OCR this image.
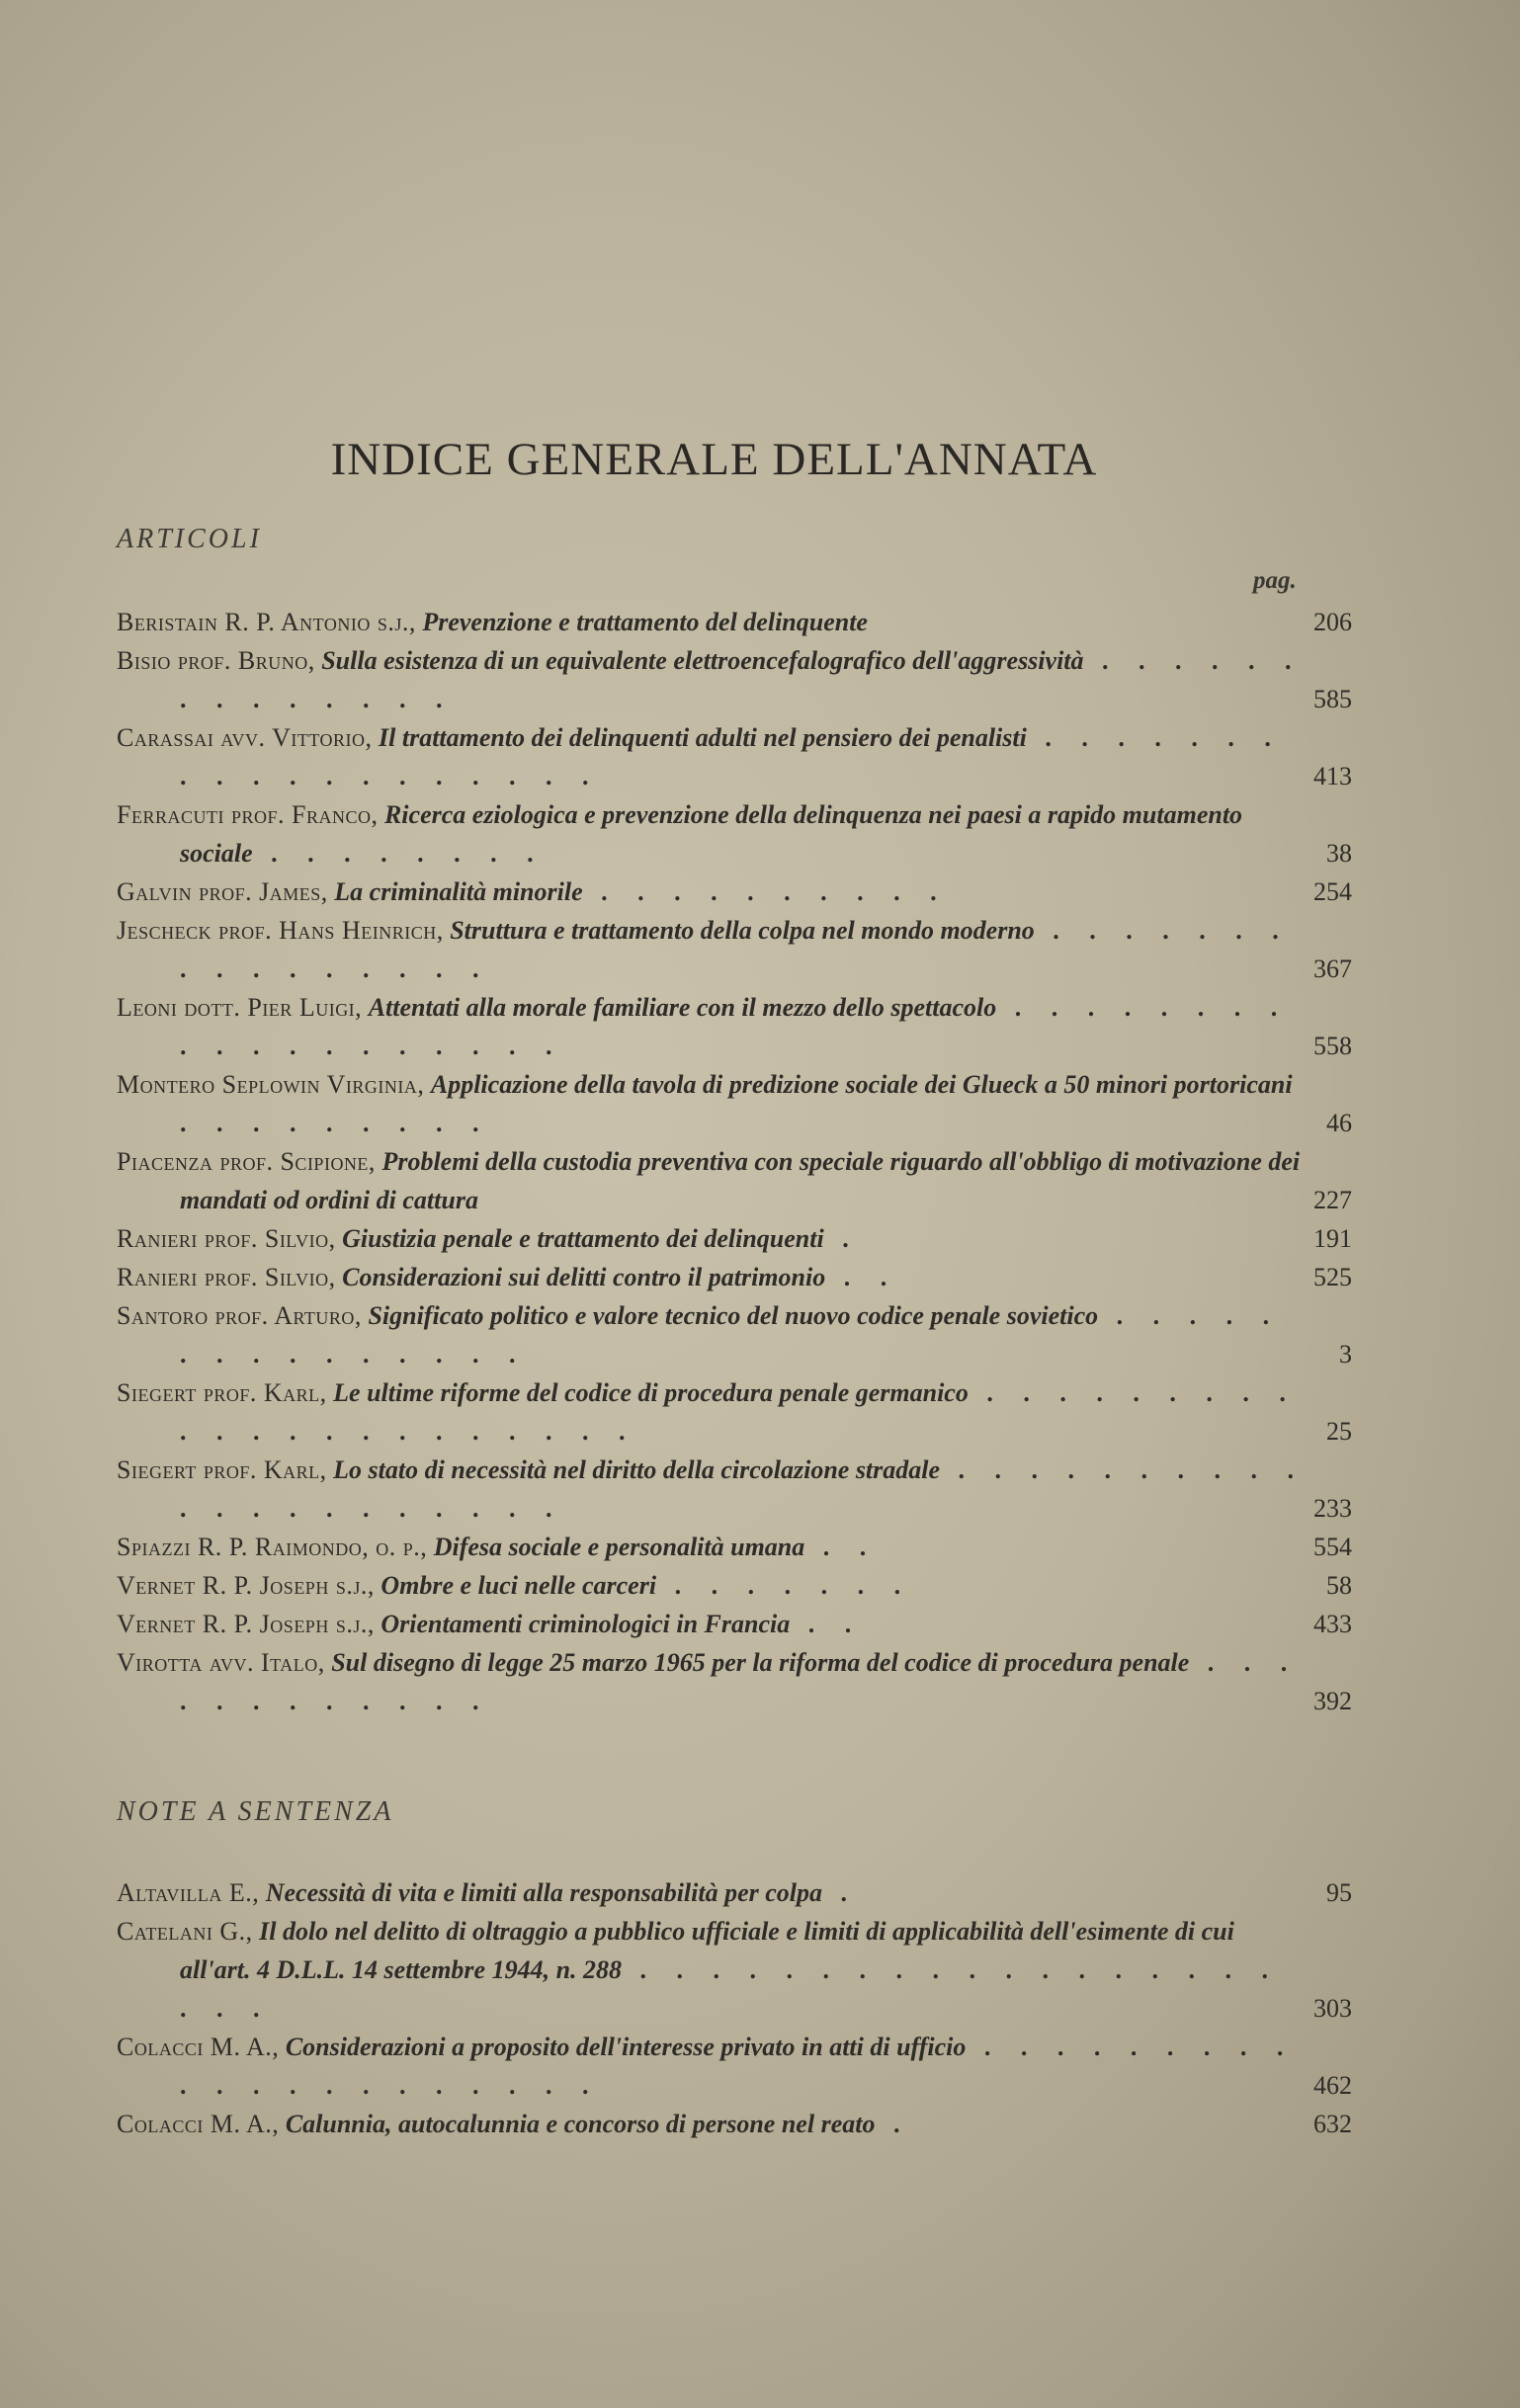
INDICE GENERALE DELL'ANNATA
ARTICOLI
pag.
Beristain R. P. Antonio s.j., Prevenzione e trattamento del delinquente	206
Bisio prof. Bruno, Sulla esistenza di un equivalente elettroencefalografico dell'aggressività . . . . . . . . . . . . . .	585
Carassai avv. Vittorio, Il trattamento dei delinquenti adulti nel pensiero dei penalisti . . . . . . . . . . . . . . . . . . .	413
Ferracuti prof. Franco, Ricerca eziologica e prevenzione della delinquenza nei paesi a rapido mutamento sociale . . . . . . . .	38
Galvin prof. James, La criminalità minorile . . . . . . . . . .	254
Jescheck prof. Hans Heinrich, Struttura e trattamento della colpa nel mondo moderno . . . . . . . . . . . . . . . .	367
Leoni dott. Pier Luigi, Attentati alla morale familiare con il mezzo dello spettacolo . . . . . . . . . . . . . . . . . . .	558
Montero Seplowin Virginia, Applicazione della tavola di predizione sociale dei Glueck a 50 minori portoricani . . . . . . . . .	46
Piacenza prof. Scipione, Problemi della custodia preventiva con speciale riguardo all'obbligo di motivazione dei mandati od ordini di cattura	227
Ranieri prof. Silvio, Giustizia penale e trattamento dei delinquenti .	191
Ranieri prof. Silvio, Considerazioni sui delitti contro il patrimonio . .	525
Santoro prof. Arturo, Significato politico e valore tecnico del nuovo codice penale sovietico . . . . . . . . . . . . . . .	3
Siegert prof. Karl, Le ultime riforme del codice di procedura penale germanico . . . . . . . . . . . . . . . . . . . . . .	25
Siegert prof. Karl, Lo stato di necessità nel diritto della circolazione stradale . . . . . . . . . . . . . . . . . . . . .	233
Spiazzi R. P. Raimondo, o. p., Difesa sociale e personalità umana . .	554
Vernet R. P. Joseph s.j., Ombre e luci nelle carceri . . . . . . .	58
Vernet R. P. Joseph s.j., Orientamenti criminologici in Francia . .	433
Virotta avv. Italo, Sul disegno di legge 25 marzo 1965 per la riforma del codice di procedura penale . . . . . . . . . . . .	392
NOTE A SENTENZA
Altavilla E., Necessità di vita e limiti alla responsabilità per colpa .	95
Catelani G., Il dolo nel delitto di oltraggio a pubblico ufficiale e limiti di applicabilità dell'esimente di cui all'art. 4 D.L.L. 14 settembre 1944, n. 288 . . . . . . . . . . . . . . . . . . . . .	303
Colacci M. A., Considerazioni a proposito dell'interesse privato in atti di ufficio . . . . . . . . . . . . . . . . . . . . .	462
Colacci M. A., Calunnia, autocalunnia e concorso di persone nel reato .	632
